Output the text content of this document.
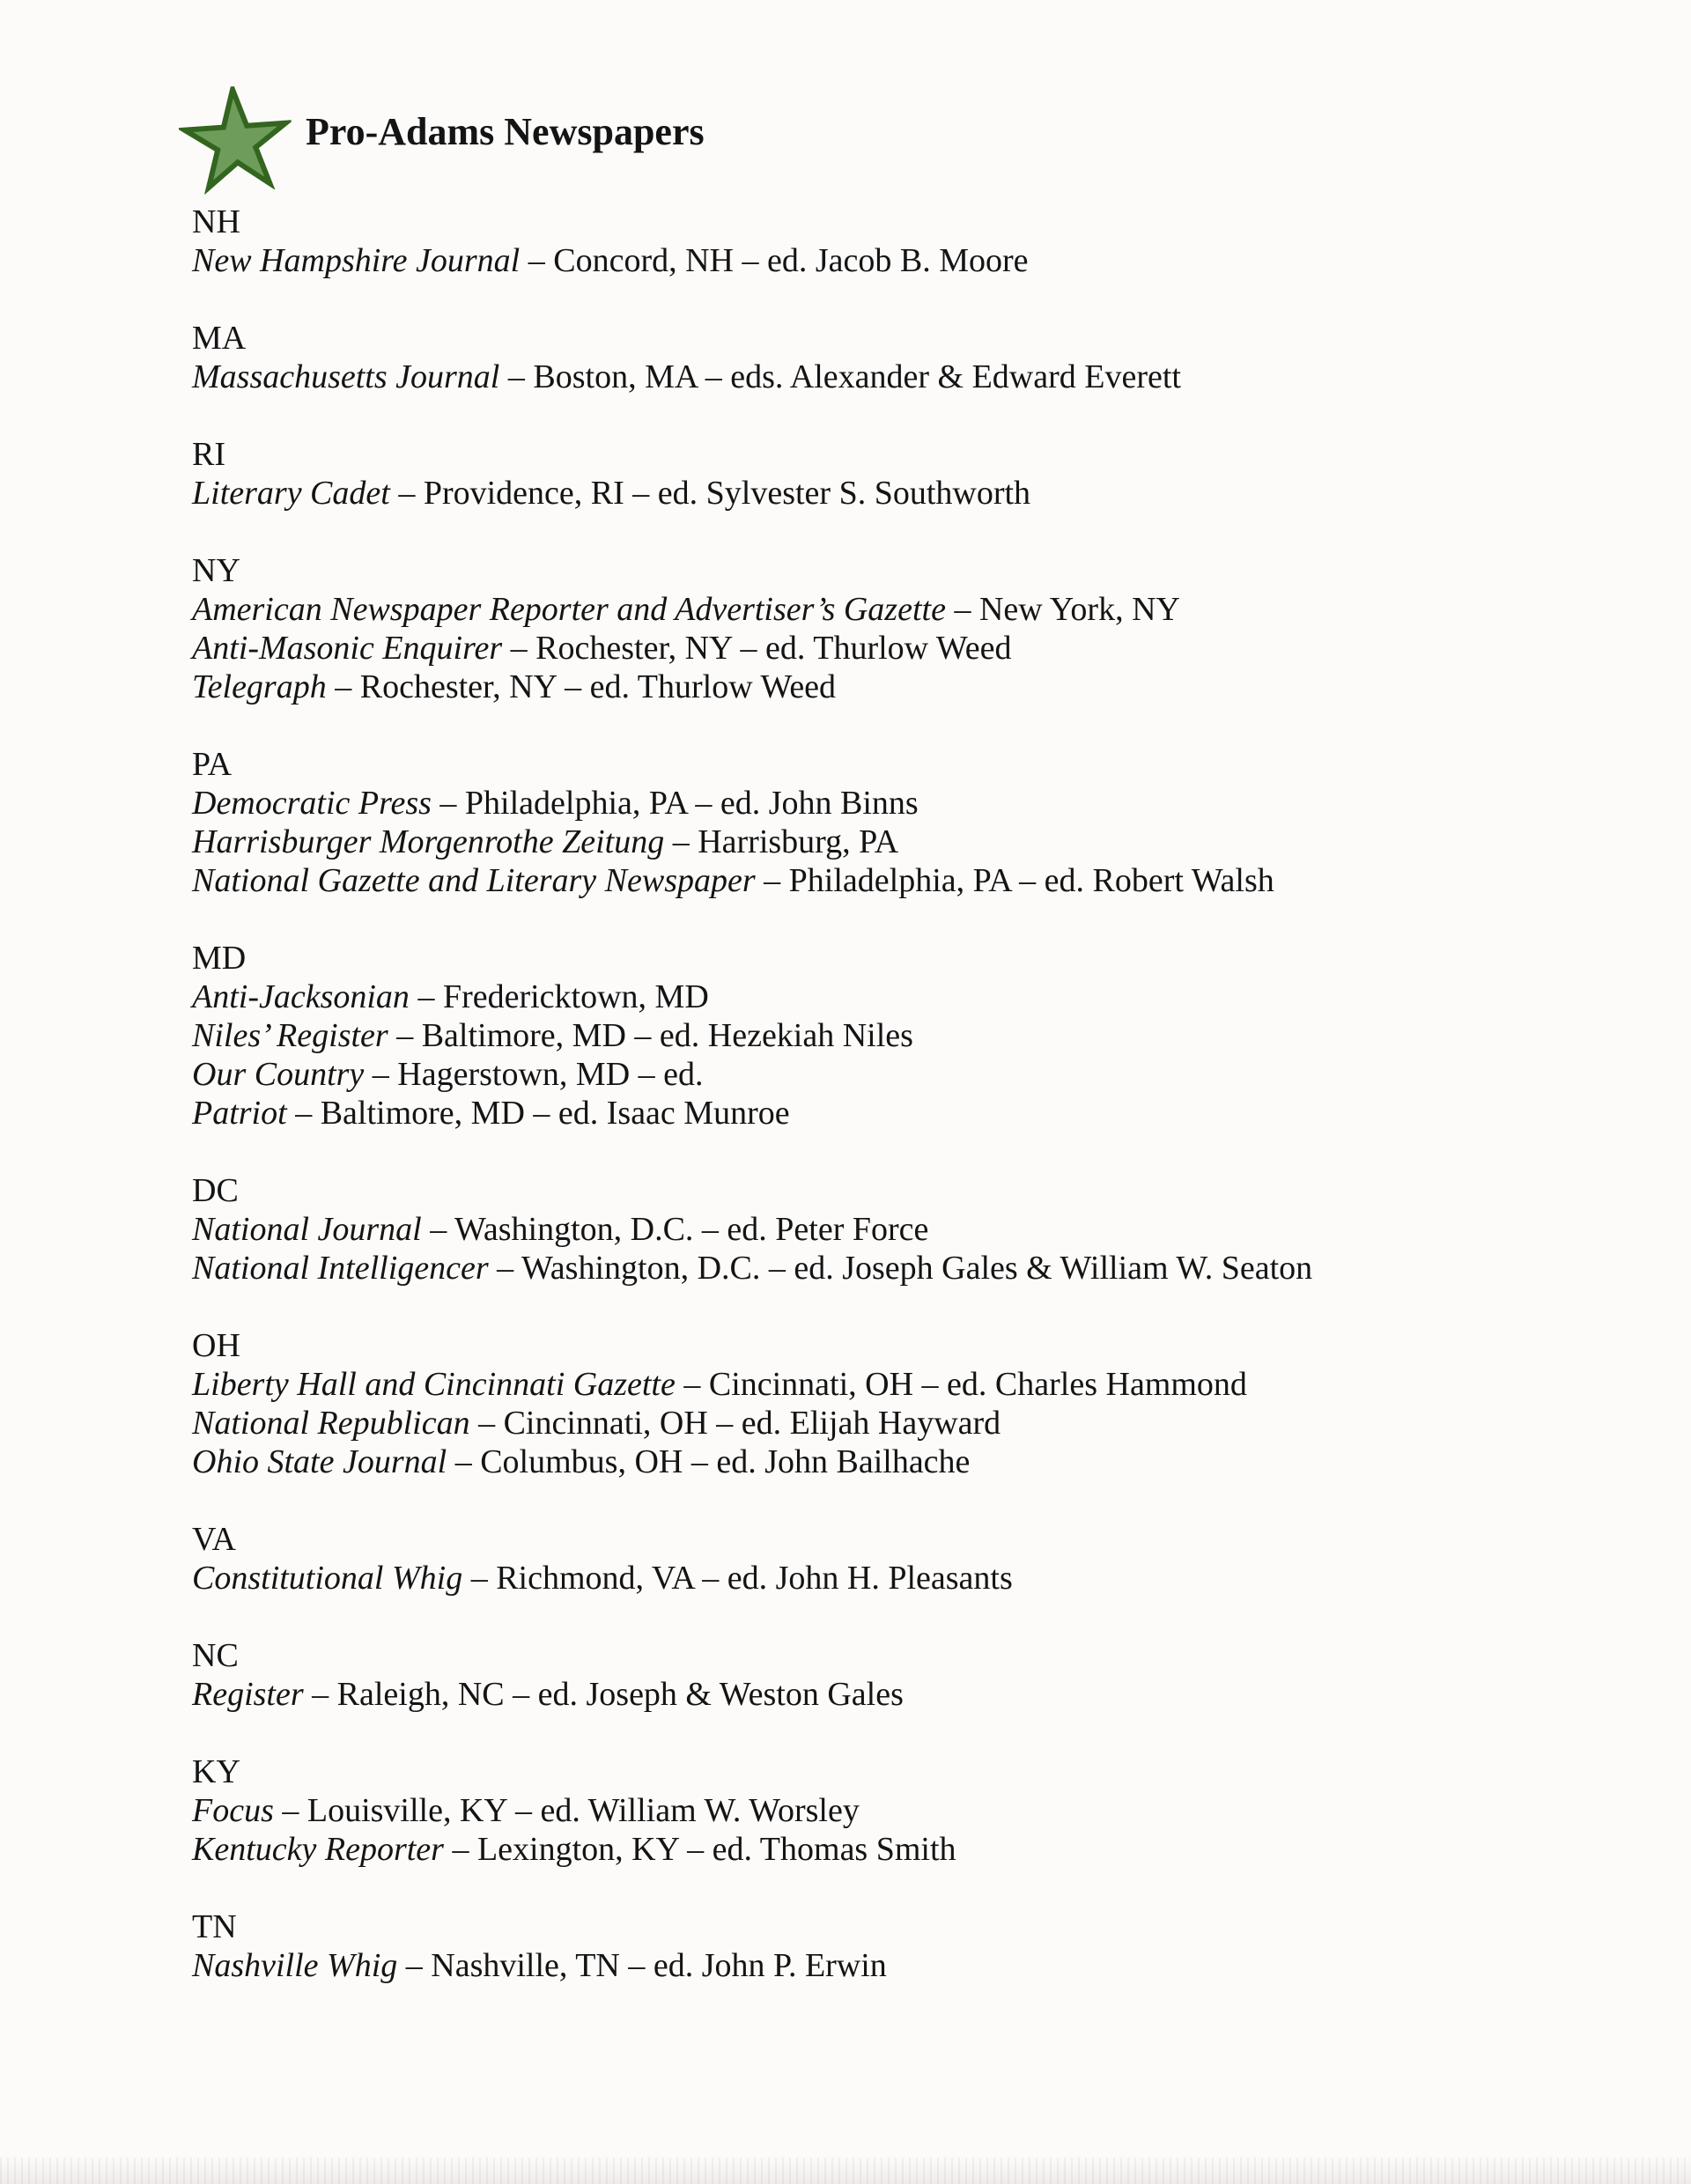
Pro-Adams Newspapers
NH

New Hampshire Journal – Concord, NH – ed. Jacob B. Moore

MA

Massachusetts Journal – Boston, MA – eds. Alexander & Edward Everett

RI

Literary Cadet – Providence, RI – ed. Sylvester S. Southworth

NY

American Newspaper Reporter and Advertiser’s Gazette – New York, NY

Anti-Masonic Enquirer – Rochester, NY – ed. Thurlow Weed

Telegraph – Rochester, NY – ed. Thurlow Weed

PA

Democratic Press – Philadelphia, PA – ed. John Binns

Harrisburger Morgenrothe Zeitung – Harrisburg, PA

National Gazette and Literary Newspaper – Philadelphia, PA – ed. Robert Walsh

MD

Anti-Jacksonian – Fredericktown, MD

Niles’ Register – Baltimore, MD – ed. Hezekiah Niles

Our Country – Hagerstown, MD – ed.

Patriot – Baltimore, MD – ed. Isaac Munroe

DC

National Journal – Washington, D.C. – ed. Peter Force

National Intelligencer – Washington, D.C. – ed. Joseph Gales & William W. Seaton

OH

Liberty Hall and Cincinnati Gazette – Cincinnati, OH – ed. Charles Hammond

National Republican – Cincinnati, OH – ed. Elijah Hayward

Ohio State Journal – Columbus, OH – ed. John Bailhache

VA

Constitutional Whig – Richmond, VA – ed. John H. Pleasants

NC

Register – Raleigh, NC – ed. Joseph & Weston Gales

KY

Focus – Louisville, KY – ed. William W. Worsley

Kentucky Reporter – Lexington, KY – ed. Thomas Smith

TN

Nashville Whig – Nashville, TN – ed. John P. Erwin
